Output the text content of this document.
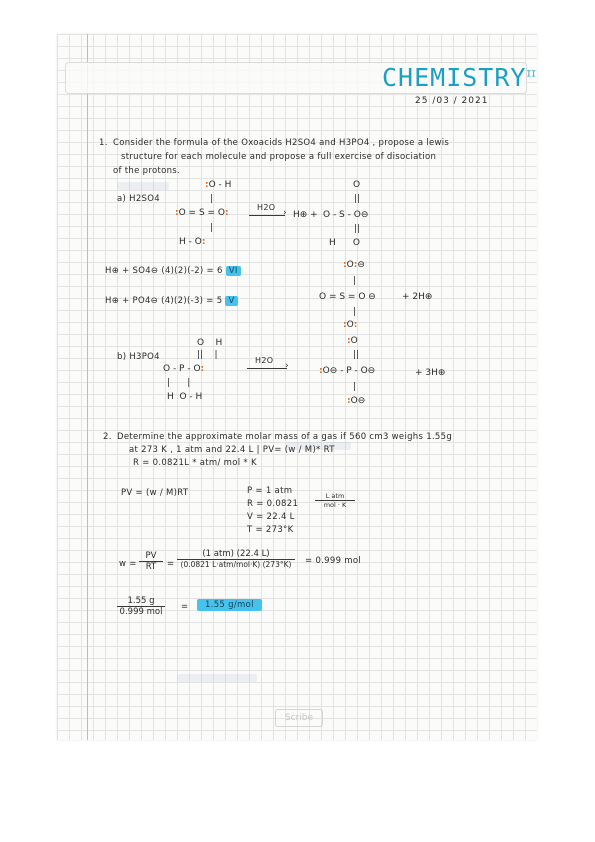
$CHEMISTRY^{II}$
25 /03 / 2021
1. Consider the formula of the Oxoacids H2SO4 and H3PO4 , propose a lewis
structure for each molecule and propose a full exercise of disociation
of the protons.
a) H2SO4
:O - H
|
:O = S = O:
|
H - O:
H2O
› H⊕ +
O
||
O - S - O⊖
||
H      O
H⊕ + SO4⊖ (4)(2)(-2) = 6 VI
H⊕ + PO4⊖ (4)(2)(-3) = 5 V
:O:⊖
|
O = S = O ⊖	+ 2H⊕
|
:O:
b) H3PO4
O    H
||    |
O - P - O:
|      |
H  O - H
H2O
›
:O
||
:O⊖ - P - O⊖	+ 3H⊕
|
:O⊖
2. Determine the approximate molar mass of a gas if 560 cm3 weighs 1.55g
at 273 K , 1 atm and 22.4 L | PV= (w / M)* RT
R = 0.0821L * atm/ mol * K
PV = (w / M)RT	P = 1 atm
R = 0.0821
L atm
mol · K
V = 22.4 L
T = 273°K
w =
PV
RT	=
(1 atm) (22.4 L)
(0.0821 L·atm/mol·K) (273°K)	= 0.999 mol
1.55 g
0.999 mol	=	1.55 g/mol
Scribe
